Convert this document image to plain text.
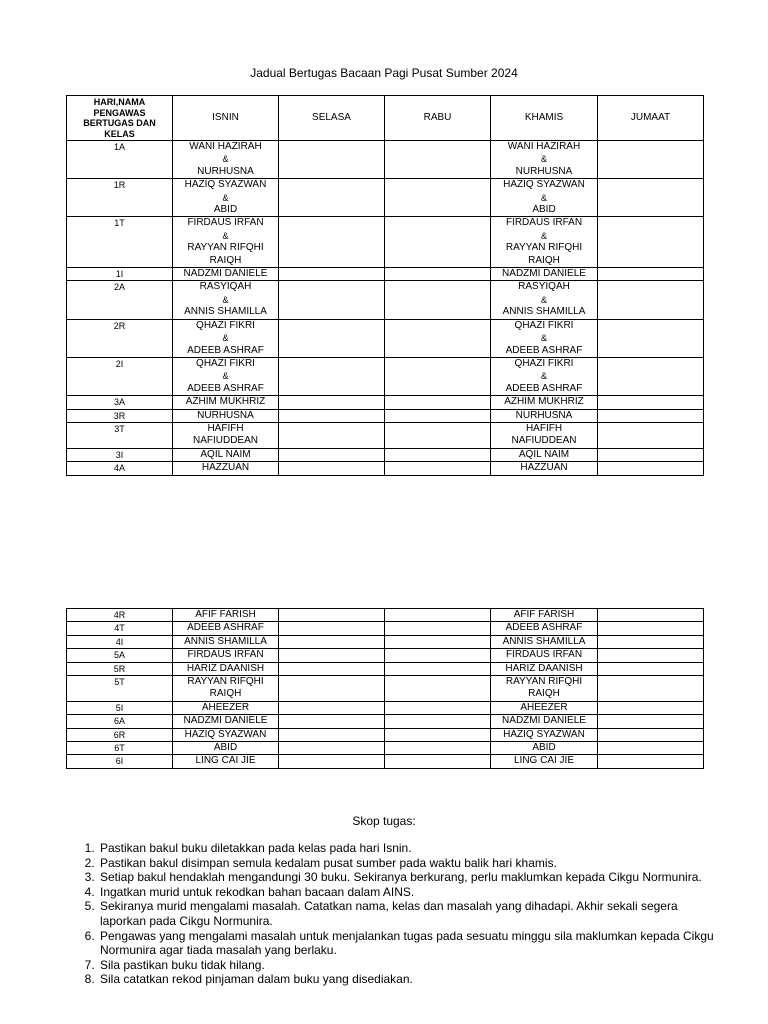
Jadual Bertugas Bacaan Pagi Pusat Sumber 2024
HARI,NAMA PENGAWAS BERTUGAS DAN KELAS	ISNIN	SELASA	RABU	KHAMIS	JUMAAT
1A	WANI HAZIRAH
&
NURHUSNA			WANI HAZIRAH
&
NURHUSNA	

1R	HAZIQ SYAZWAN
&
ABID			HAZIQ SYAZWAN
&
ABID	

1T	FIRDAUS IRFAN
&
RAYYAN RIFQHI RAIQH			FIRDAUS IRFAN
&
RAYYAN RIFQHI RAIQH	

1I	NADZMI DANIELE			NADZMI DANIELE	

2A	RASYIQAH
&
ANNIS SHAMILLA			RASYIQAH
&
ANNIS SHAMILLA	

2R	QHAZI FIKRI
&
ADEEB ASHRAF			QHAZI FIKRI
&
ADEEB ASHRAF	

2I	QHAZI FIKRI
&
ADEEB ASHRAF			QHAZI FIKRI
&
ADEEB ASHRAF	

3A	AZHIM MUKHRIZ			AZHIM MUKHRIZ	

3R	NURHUSNA			NURHUSNA	

3T	HAFIFH NAFIUDDEAN			HAFIFH NAFIUDDEAN	

3I	AQIL NAIM			AQIL NAIM	

4A	HAZZUAN			HAZZUAN	

4R	AFIF FARISH			AFIF FARISH	

4T	ADEEB ASHRAF			ADEEB ASHRAF	

4I	ANNIS SHAMILLA			ANNIS SHAMILLA	

5A	FIRDAUS IRFAN			FIRDAUS IRFAN	

5R	HARIZ DAANISH			HARIZ DAANISH	

5T	RAYYAN RIFQHI RAIQH			RAYYAN RIFQHI RAIQH	

5I	AHEEZER			AHEEZER	

6A	NADZMI DANIELE			NADZMI DANIELE	

6R	HAZIQ SYAZWAN			HAZIQ SYAZWAN	

6T	ABID			ABID	

6I	LING CAI JIE			LING CAI JIE	

Skop tugas:
1. Pastikan bakul buku diletakkan pada kelas pada hari Isnin.
2. Pastikan bakul disimpan semula kedalam pusat sumber pada waktu balik hari khamis.
3. Setiap bakul hendaklah mengandungi 30 buku. Sekiranya berkurang, perlu maklumkan kepada Cikgu Normunira.
4. Ingatkan murid untuk rekodkan bahan bacaan dalam AINS.
5. Sekiranya murid mengalami masalah. Catatkan nama, kelas dan masalah yang dihadapi. Akhir sekali segera laporkan pada Cikgu Normunira.
6. Pengawas yang mengalami masalah untuk menjalankan tugas pada sesuatu minggu sila maklumkan kepada Cikgu Normunira agar tiada masalah yang berlaku.
7. Sila pastikan buku tidak hilang.
8. Sila catatkan rekod pinjaman dalam buku yang disediakan.
